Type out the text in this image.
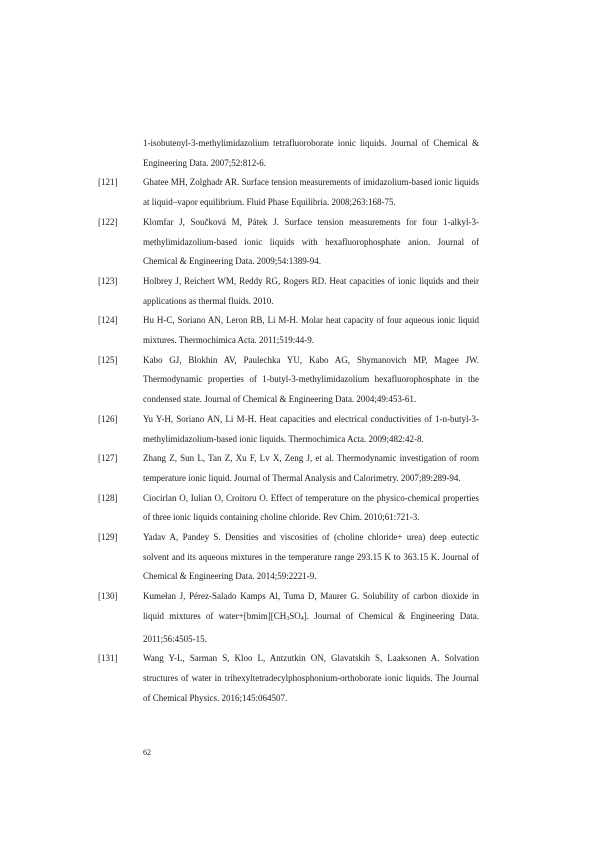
1-isobutenyl-3-methylimidazolium tetrafluoroborate ionic liquids. Journal of Chemical & Engineering Data. 2007;52:812-6.
[121]	Ghatee MH, Zolghadr AR. Surface tension measurements of imidazolium-based ionic liquids at liquid–vapor equilibrium. Fluid Phase Equilibria. 2008;263:168-75.
[122]	Klomfar J, Součková M, Pátek J. Surface tension measurements for four 1-alkyl-3-methylimidazolium-based ionic liquids with hexafluorophosphate anion. Journal of Chemical & Engineering Data. 2009;54:1389-94.
[123]	Holbrey J, Reichert WM, Reddy RG, Rogers RD. Heat capacities of ionic liquids and their applications as thermal fluids. 2010.
[124]	Hu H-C, Soriano AN, Leron RB, Li M-H. Molar heat capacity of four aqueous ionic liquid mixtures. Thermochimica Acta. 2011;519:44-9.
[125]	Kabo GJ, Blokhin AV, Paulechka YU, Kabo AG, Shymanovich MP, Magee JW. Thermodynamic properties of 1-butyl-3-methylimidazolium hexafluorophosphate in the condensed state. Journal of Chemical & Engineering Data. 2004;49:453-61.
[126]	Yu Y-H, Soriano AN, Li M-H. Heat capacities and electrical conductivities of 1-n-butyl-3-methylimidazolium-based ionic liquids. Thermochimica Acta. 2009;482:42-8.
[127]	Zhang Z, Sun L, Tan Z, Xu F, Lv X, Zeng J, et al. Thermodynamic investigation of room temperature ionic liquid. Journal of Thermal Analysis and Calorimetry. 2007;89:289-94.
[128]	Ciocirlan O, Iulian O, Croitoru O. Effect of temperature on the physico-chemical properties of three ionic liquids containing choline chloride. Rev Chim. 2010;61:721-3.
[129]	Yadav A, Pandey S. Densities and viscosities of (choline chloride+ urea) deep eutectic solvent and its aqueous mixtures in the temperature range 293.15 K to 363.15 K. Journal of Chemical & Engineering Data. 2014;59:2221-9.
[130]	Kumełan J, Pérez-Salado Kamps Al, Tuma D, Maurer G. Solubility of carbon dioxide in liquid mixtures of water+[bmim][CH3SO4]. Journal of Chemical & Engineering Data. 2011;56:4505-15.
[131]	Wang Y-L, Sarman S, Kloo L, Antzutkin ON, Glavatskih S, Laaksonen A. Solvation structures of water in trihexyltetradecylphosphonium-orthoborate ionic liquids. The Journal of Chemical Physics. 2016;145:064507.
62
